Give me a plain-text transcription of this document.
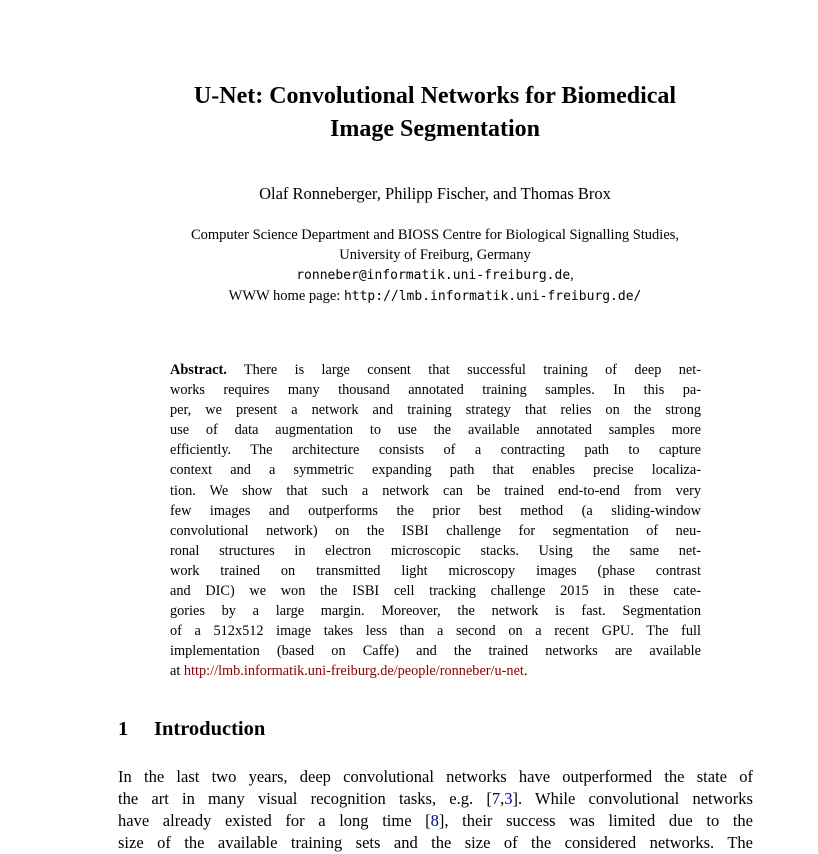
U-Net: Convolutional Networks for Biomedical
Image Segmentation
Olaf Ronneberger, Philipp Fischer, and Thomas Brox
Computer Science Department and BIOSS Centre for Biological Signalling Studies,
University of Freiburg, Germany
ronneber@informatik.uni-freiburg.de,
WWW home page: http://lmb.informatik.uni-freiburg.de/
Abstract. There is large consent that successful training of deep net-
works requires many thousand annotated training samples. In this pa-
per, we present a network and training strategy that relies on the strong
use of data augmentation to use the available annotated samples more
efficiently. The architecture consists of a contracting path to capture
context and a symmetric expanding path that enables precise localiza-
tion. We show that such a network can be trained end-to-end from very
few images and outperforms the prior best method (a sliding-window
convolutional network) on the ISBI challenge for segmentation of neu-
ronal structures in electron microscopic stacks. Using the same net-
work trained on transmitted light microscopy images (phase contrast
and DIC) we won the ISBI cell tracking challenge 2015 in these cate-
gories by a large margin. Moreover, the network is fast. Segmentation
of a 512x512 image takes less than a second on a recent GPU. The full
implementation (based on Caffe) and the trained networks are available
at http://lmb.informatik.uni-freiburg.de/people/ronneber/u-net.
1 Introduction
In the last two years, deep convolutional networks have outperformed the state of
the art in many visual recognition tasks, e.g. [7,3]. While convolutional networks
have already existed for a long time [8], their success was limited due to the
size of the available training sets and the size of the considered networks. The
